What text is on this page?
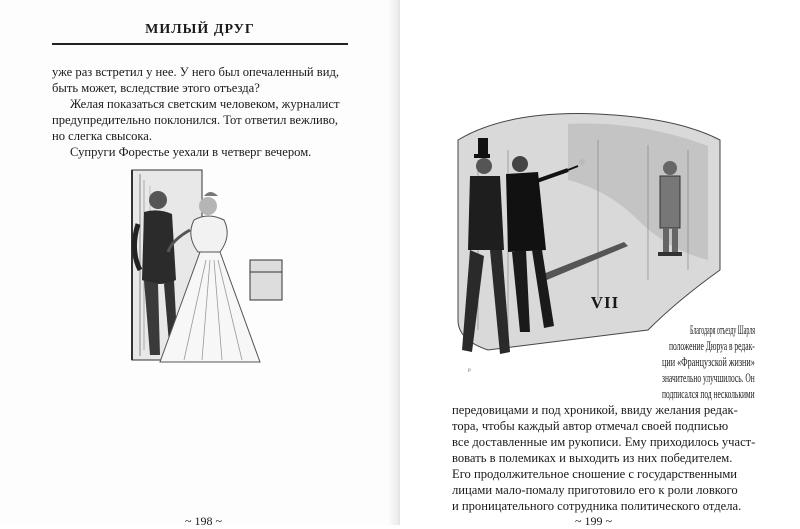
МИЛЫЙ ДРУГ

уже раз встретил у нее. У него был опечаленный вид,

быть может, вследствие этого отъезда?

Желая показаться светским человеком, журналист

предупредительно поклонился. Тот ответил вежливо,

но слегка свысока.

Супруги Форестье уехали в четверг вечером.

~ 198 ~
ᴾ
VII
Благодаря отъезду Шарля
положение Дюруа в редак-
ции «Французской жизни»
значительно улучшилось. Он
подписался под несколькими
передовицами и под хроникой, ввиду желания редак-
тора, чтобы каждый автор отмечал своей подписью
все доставленные им рукописи. Ему приходилось участ-
вовать в полемиках и выходить из них победителем.
Его продолжительное сношение с государственными
лицами мало-помалу приготовило его к роли ловкого
и проницательного сотрудника политического отдела.
~ 199 ~
